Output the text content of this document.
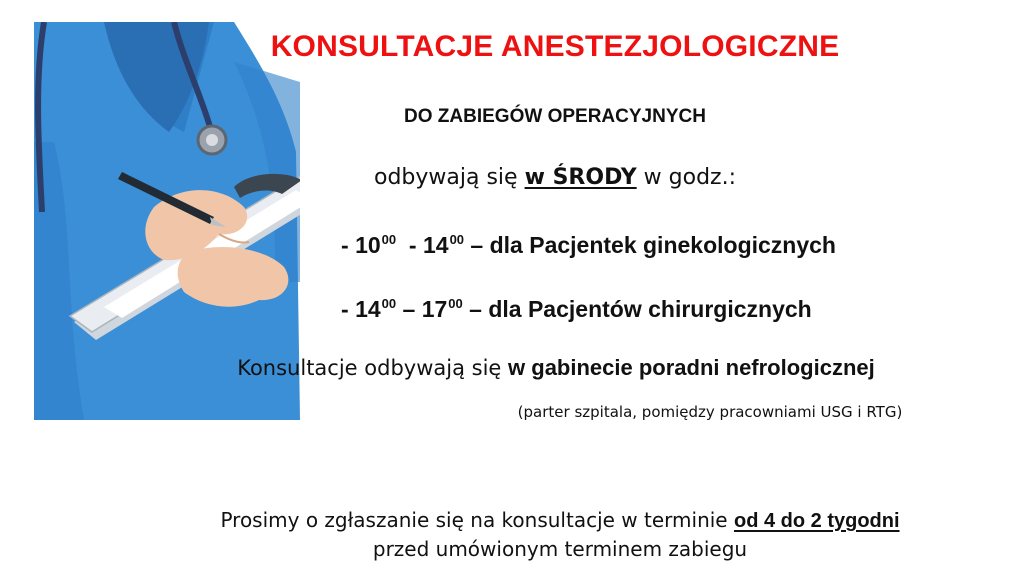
KONSULTACJE ANESTEZJOLOGICZNE
DO ZABIEGÓW OPERACYJNYCH
odbywają się w ŚRODY w godz.:
- $10^{00} - 14^{00}$ – dla Pacjentek ginekologicznych
- $14^{00} - 17^{00}$ – dla Pacjentów chirurgicznych
Konsultacje odbywają się w gabinecie poradni nefrologicznej
(parter szpitala, pomiędzy pracowniami USG i RTG)
Prosimy o zgłaszanie się na konsultacje w terminie od 4 do 2 tygodni
przed umówionym terminem zabiegu
